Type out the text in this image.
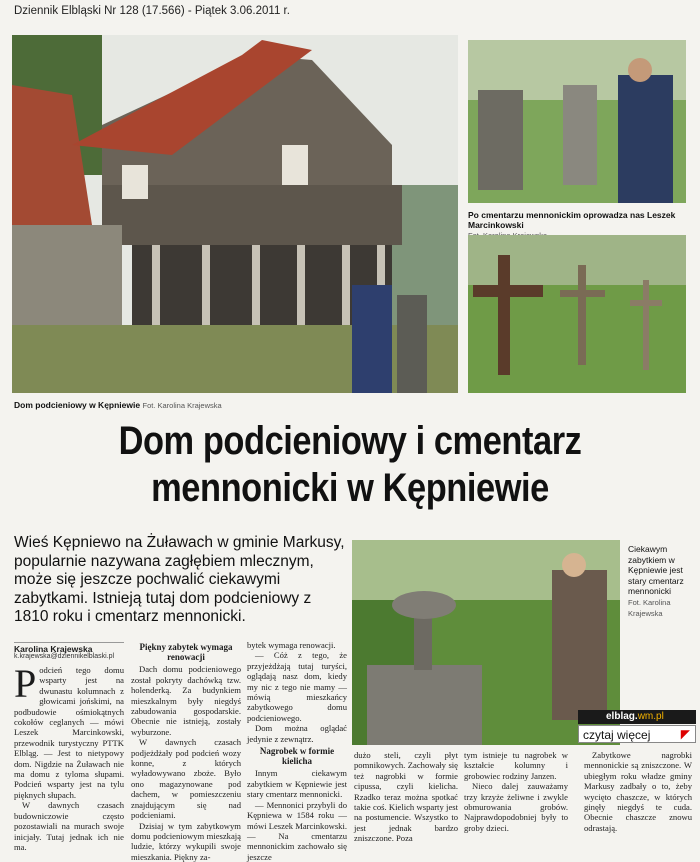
Dziennik Elbląski Nr 128 (17.566) - Piątek 3.06.2011 r.
Dom podcieniowy w Kępniewie Fot. Karolina Krajewska
Po cmentarzu mennonickim oprowadza nas Leszek Marcinkowski

Dom podcieniowy i cmentarz
mennonicki w Kępniewie
Wieś Kępniewo na Żuławach w gminie Markusy, popularnie nazywana zagłębiem mlecznym, może się jeszcze pochwalić ciekawymi zabytkami. Istnieją tutaj dom podcieniowy z 1810 roku i cmentarz mennonicki.
Karolina Krajewska
k.krajewska@dziennikelblaski.pl
Ciekawym zabytkiem w Kępniewie jest stary cmentarz mennonicki
Fot. Karolina Krajewska
P odcień tego domu wsparty jest na dwunastu kolumnach z głowicami jońskimi, na podbudowie ośmiokątnych cokołów ceglanych — mówi Leszek Marcinkowski, przewodnik turystyczny PTTK Elbląg. — Jest to nietypowy dom. Nigdzie na Żuławach nie ma domu z tyloma słupami. Podcień wsparty jest na tylu pięknych słupach.

W dawnych czasach budowniczowie często pozostawiali na murach swoje inicjały. Tutaj jednak ich nie ma.

Piękny zabytek wymaga renowacji

Dach domu podcieniowego został pokryty dachówką tzw. holenderką. Za budynkiem mieszkalnym były niegdyś zabudowania gospodarskie. Obecnie nie istnieją, zostały wyburzone.

W dawnych czasach podjeżdżały pod podcień wozy konne, z których wyładowywano zboże. Było ono magazynowane pod dachem, w pomieszczeniu znajdującym się nad podcieniami.

Dzisiaj w tym zabytkowym domu podcieniowym mieszkają ludzie, którzy wykupili swoje mieszkania. Piękny za-

bytek wymaga renowacji.

— Cóż z tego, że przyjeżdżają tutaj turyści, oglądają nasz dom, kiedy my nic z tego nie mamy — mówią mieszkańcy zabytkowego domu podcieniowego.

Dom można oglądać jedynie z zewnątrz.

Nagrobek w formie kielicha

Innym ciekawym zabytkiem w Kępniewie jest stary cmentarz mennonicki.

— Mennonici przybyli do Kępniewa w 1584 roku — mówi Leszek Marcinkowski. — Na cmentarzu mennonickim zachowało się jeszcze

dużo steli, czyli płyt pomnikowych. Zachowały się też nagrobki w formie cipussa, czyli kielicha. Rzadko teraz można spotkać takie coś. Kielich wsparty jest na postumencie. Wszystko to jest jednak bardzo zniszczone. Poza
tym istnieje tu nagrobek w kształcie kolumny i grobowiec rodziny Janzen.

Nieco dalej zauważamy trzy krzyże żeliwne i zwykle obmurowania grobów. Najprawdopodobniej były to groby dzieci.

Zabytkowe nagrobki mennonickie są zniszczone. W ubiegłym roku władze gminy Markusy zadbały o to, żeby wycięto chaszcze, w których ginęły niegdyś te cuda. Obecnie chaszcze znowu odrastają.

elblag.wm.pl
czytaj więcej	◤
